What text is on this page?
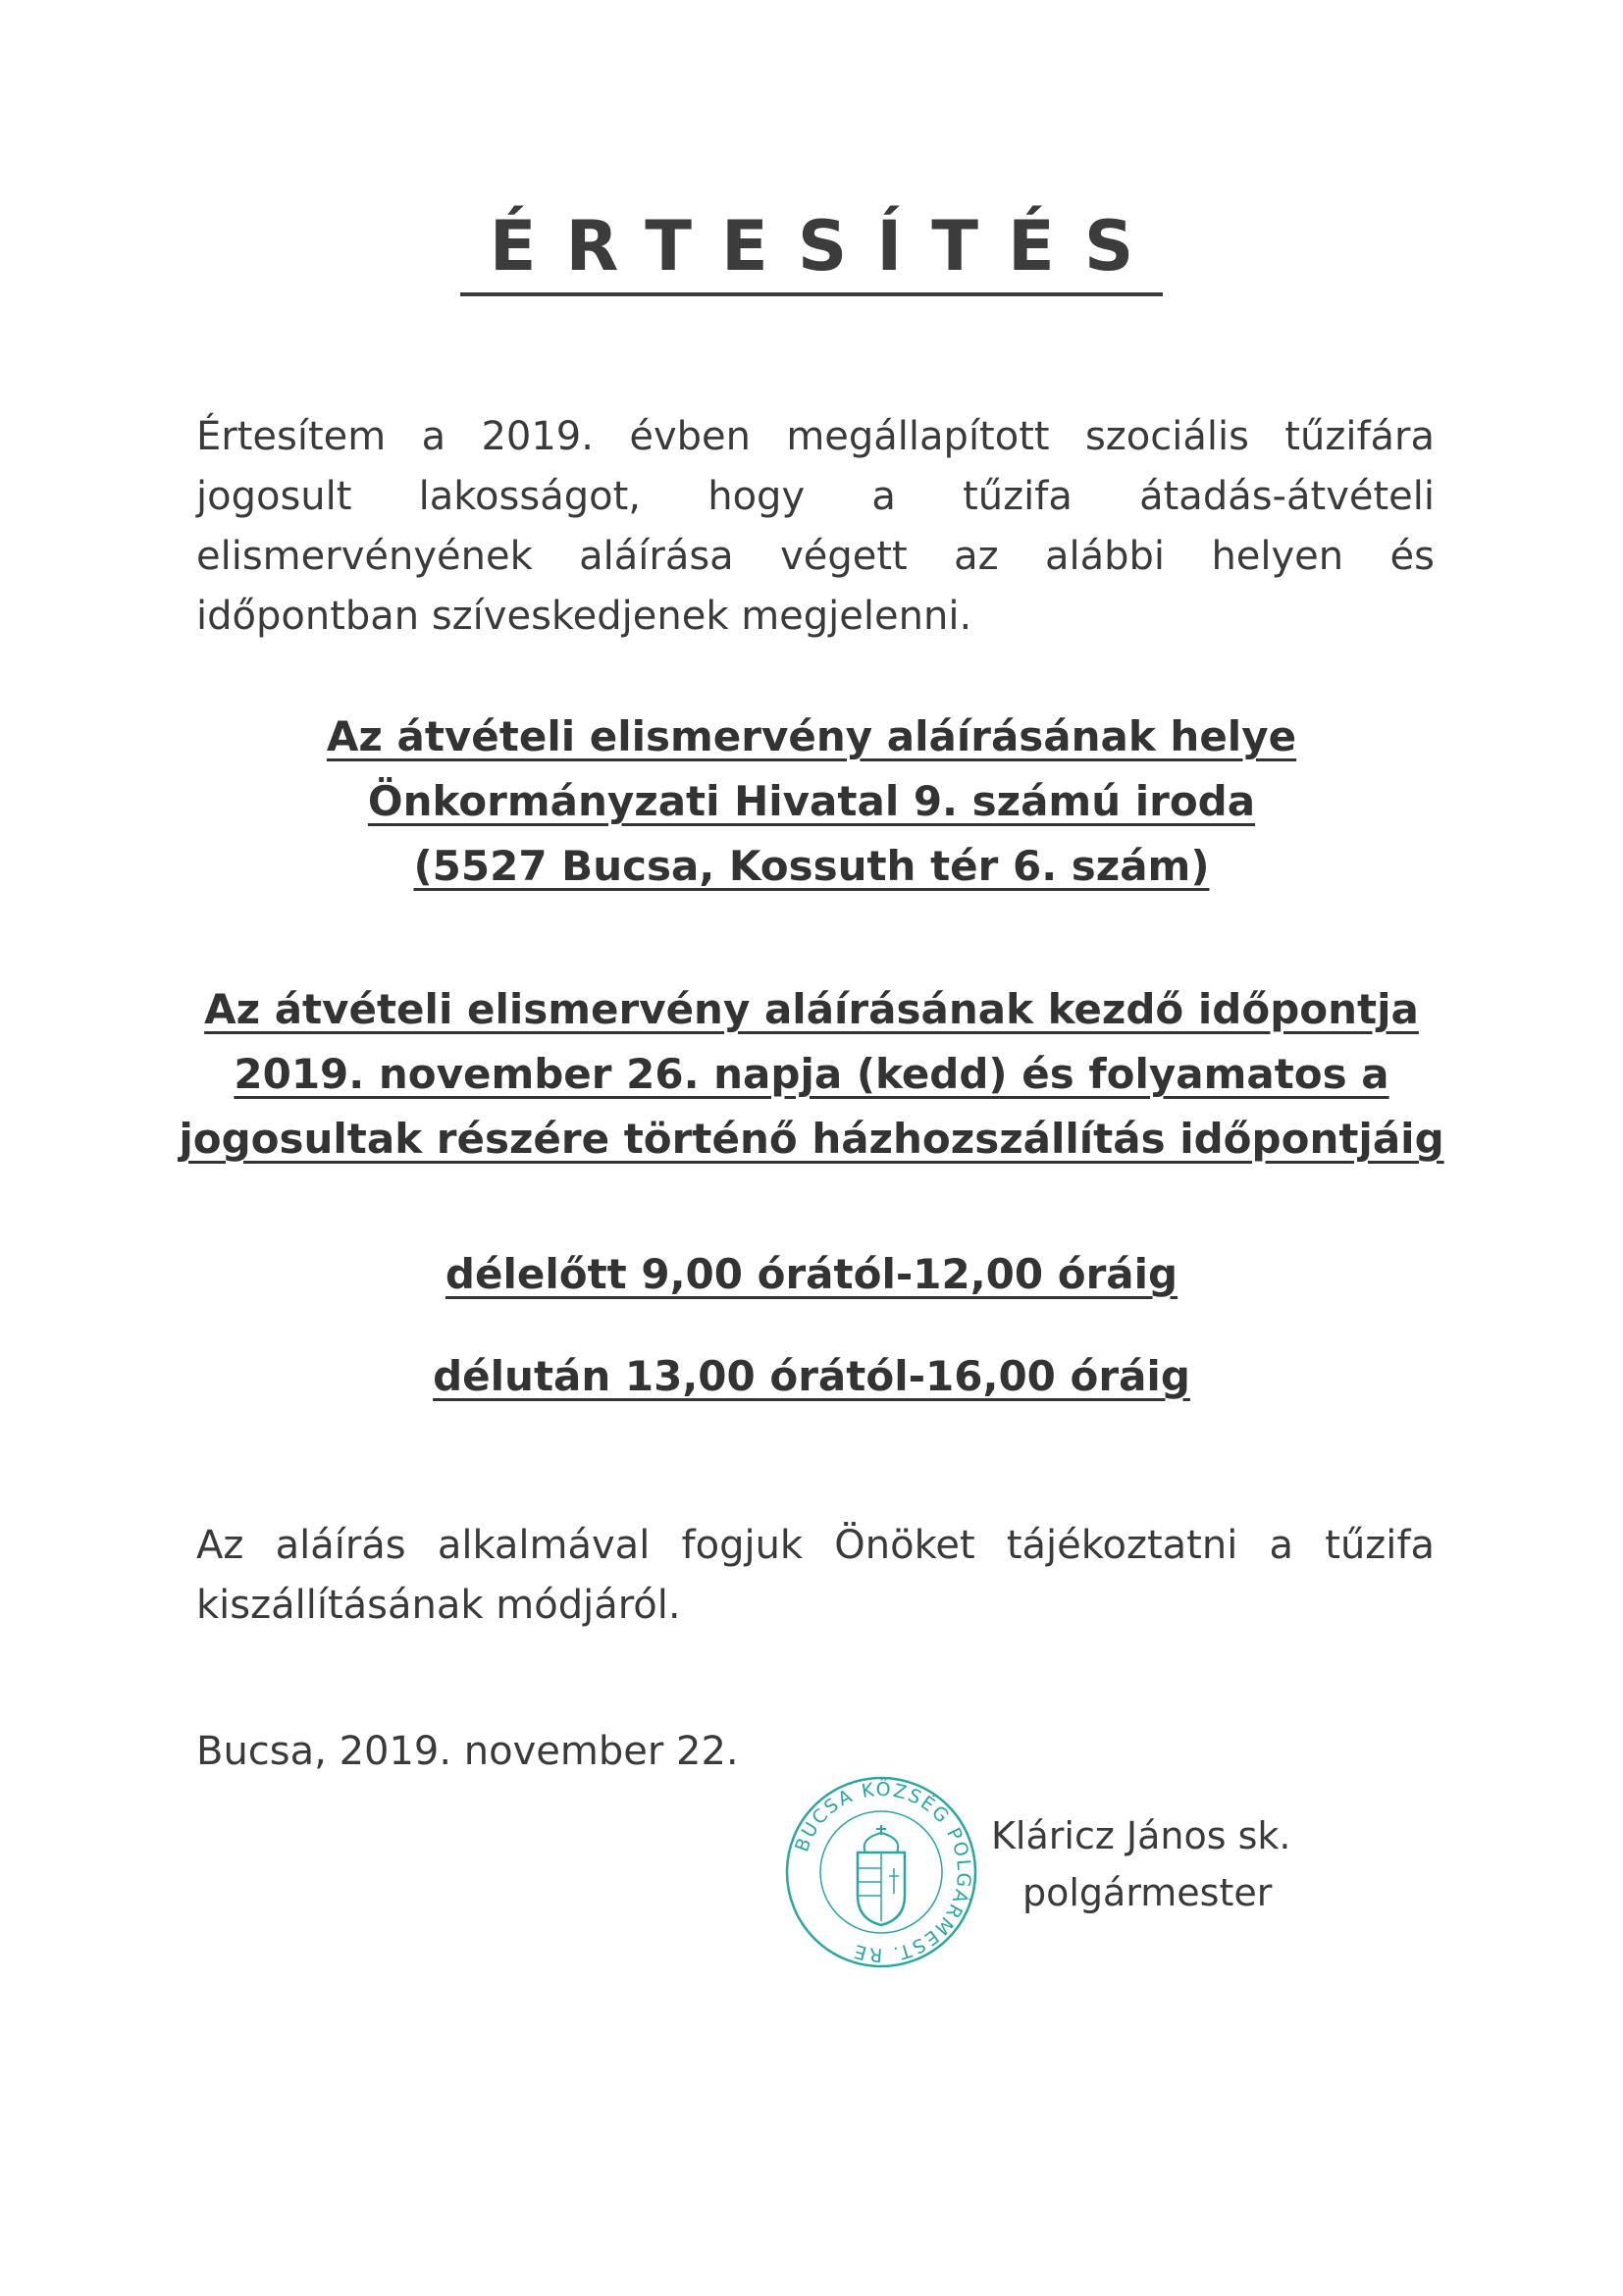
ÉRTESÍTÉS
Értesítem a 2019. évben megállapított szociális tűzifára jogosult lakosságot, hogy a tűzifa átadás-átvételi elismervényének aláírása végett az alábbi helyen és időpontban szíveskedjenek megjelenni.
Az átvételi elismervény aláírásának helye
Önkormányzati Hivatal 9. számú iroda
(5527 Bucsa, Kossuth tér 6. szám)
Az átvételi elismervény aláírásának kezdő időpontja
2019. november 26. napja (kedd) és folyamatos a
jogosultak részére történő házhozszállítás időpontjáig
délelőtt 9,00 órától-12,00 óráig
délután 13,00 órától-16,00 óráig
Az aláírás alkalmával fogjuk Önöket tájékoztatni a tűzifa kiszállításának módjáról.
Bucsa, 2019. november 22.
BUCSA KÖZSÉG POLGÁRMEST. RE
Kláricz János sk.
polgármester
